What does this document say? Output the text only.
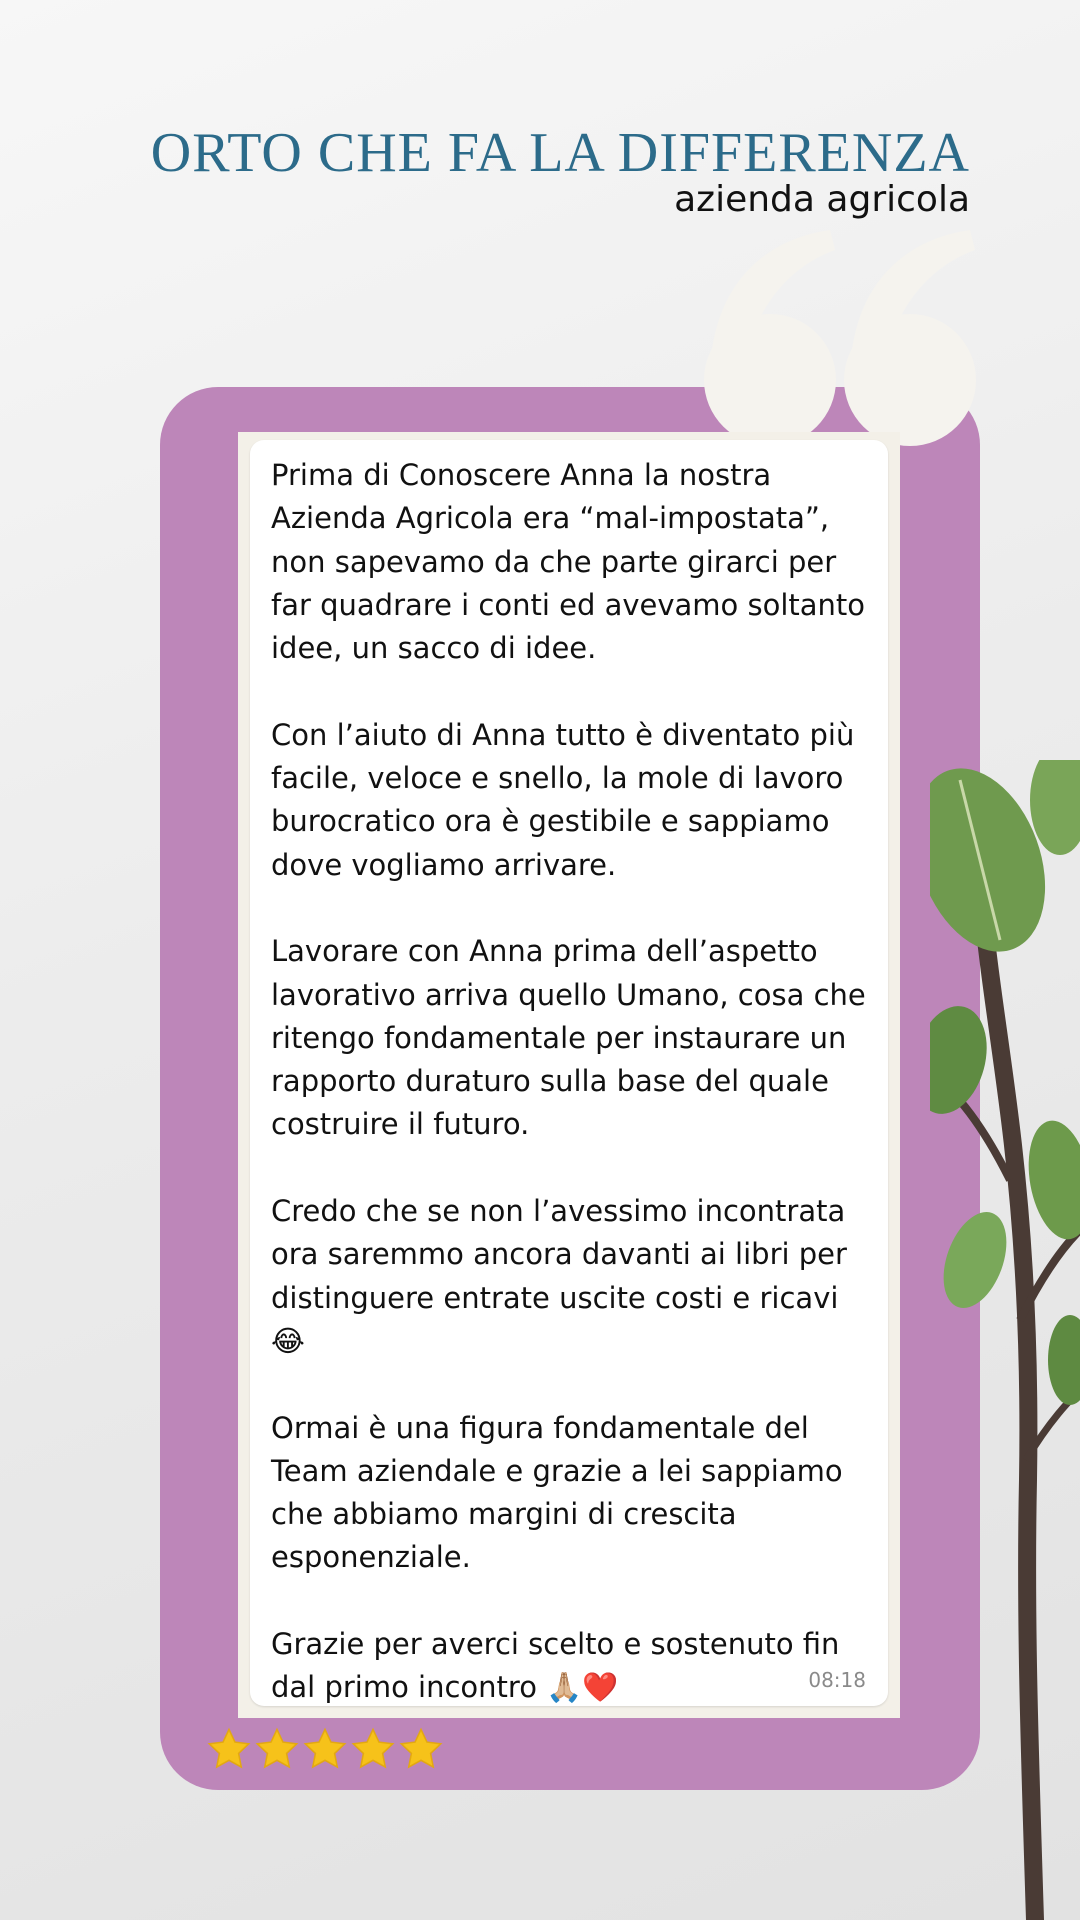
ORTO CHE FA LA DIFFERENZA
azienda agricola

Prima di Conoscere Anna la nostra Azienda Agricola era “mal-impostata”, non sapevamo da che parte girarci per far quadrare i conti ed avevamo soltanto idee, un sacco di idee.

Con l’aiuto di Anna tutto è diventato più facile, veloce e snello, la mole di lavoro burocratico ora è gestibile e sappiamo dove vogliamo arrivare.

Lavorare con Anna prima dell’aspetto lavorativo arriva quello Umano, cosa che ritengo fondamentale per instaurare un rapporto duraturo sulla base del quale costruire il futuro.

Credo che se non l’avessimo incontrata ora saremmo ancora davanti ai libri per distinguere entrate uscite costi e ricavi 😂

Ormai è una figura fondamentale del Team aziendale e grazie a lei sappiamo che abbiamo margini di crescita esponenziale.

Grazie per averci scelto e sostenuto fin dal primo incontro 🙏🏼❤️	08:18
